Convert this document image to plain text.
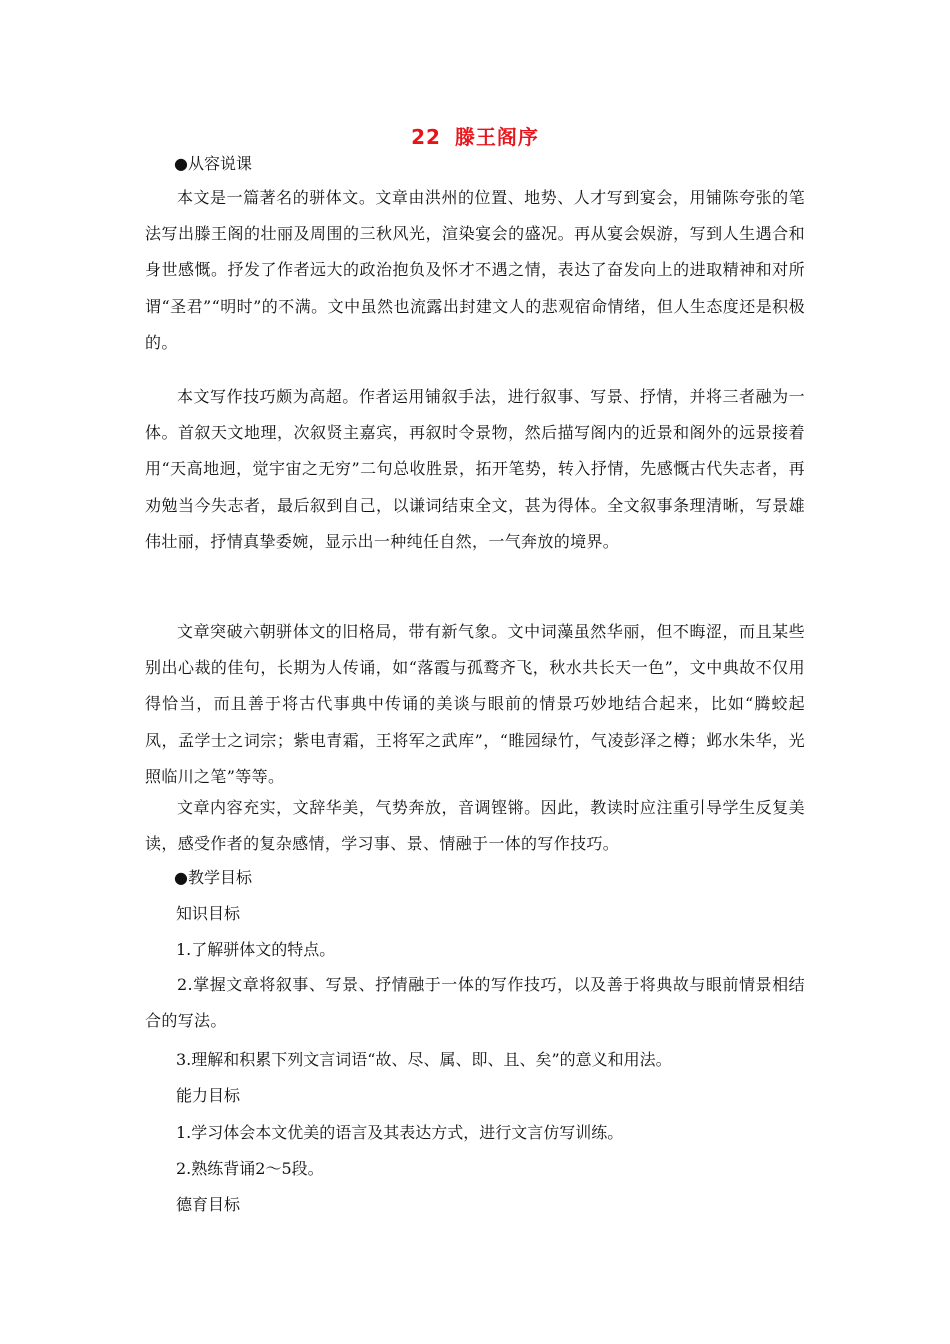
22 滕王阁序
●从容说课
本文是一篇著名的骈体文。文章由洪州的位置、地势、人才写到宴会，用铺陈夸张的笔法写出滕王阁的壮丽及周围的三秋风光，渲染宴会的盛况。再从宴会娱游，写到人生遇合和身世感慨。抒发了作者远大的政治抱负及怀才不遇之情，表达了奋发向上的进取精神和对所谓“圣君”“明时”的不满。文中虽然也流露出封建文人的悲观宿命情绪，但人生态度还是积极的。
本文写作技巧颇为高超。作者运用铺叙手法，进行叙事、写景、抒情，并将三者融为一体。首叙天文地理，次叙贤主嘉宾，再叙时令景物，然后描写阁内的近景和阁外的远景接着用“天高地迥，觉宇宙之无穷”二句总收胜景，拓开笔势，转入抒情，先感慨古代失志者，再劝勉当今失志者，最后叙到自己，以谦词结束全文，甚为得体。全文叙事条理清晰，写景雄伟壮丽，抒情真挚委婉，显示出一种纯任自然，一气奔放的境界。
文章突破六朝骈体文的旧格局，带有新气象。文中词藻虽然华丽，但不晦涩，而且某些别出心裁的佳句，长期为人传诵，如“落霞与孤鹜齐飞，秋水共长天一色”，文中典故不仅用得恰当，而且善于将古代事典中传诵的美谈与眼前的情景巧妙地结合起来，比如“腾蛟起凤，孟学士之词宗；紫电青霜，王将军之武库”，“睢园绿竹，气凌彭泽之樽；邺水朱华，光照临川之笔”等等。
文章内容充实，文辞华美，气势奔放，音调铿锵。因此，教读时应注重引导学生反复美读，感受作者的复杂感情，学习事、景、情融于一体的写作技巧。
●教学目标
知识目标
1.了解骈体文的特点。
2.掌握文章将叙事、写景、抒情融于一体的写作技巧，以及善于将典故与眼前情景相结合的写法。
3.理解和积累下列文言词语“故、尽、属、即、且、矣”的意义和用法。
能力目标
1.学习体会本文优美的语言及其表达方式，进行文言仿写训练。
2.熟练背诵2～5段。
德育目标
